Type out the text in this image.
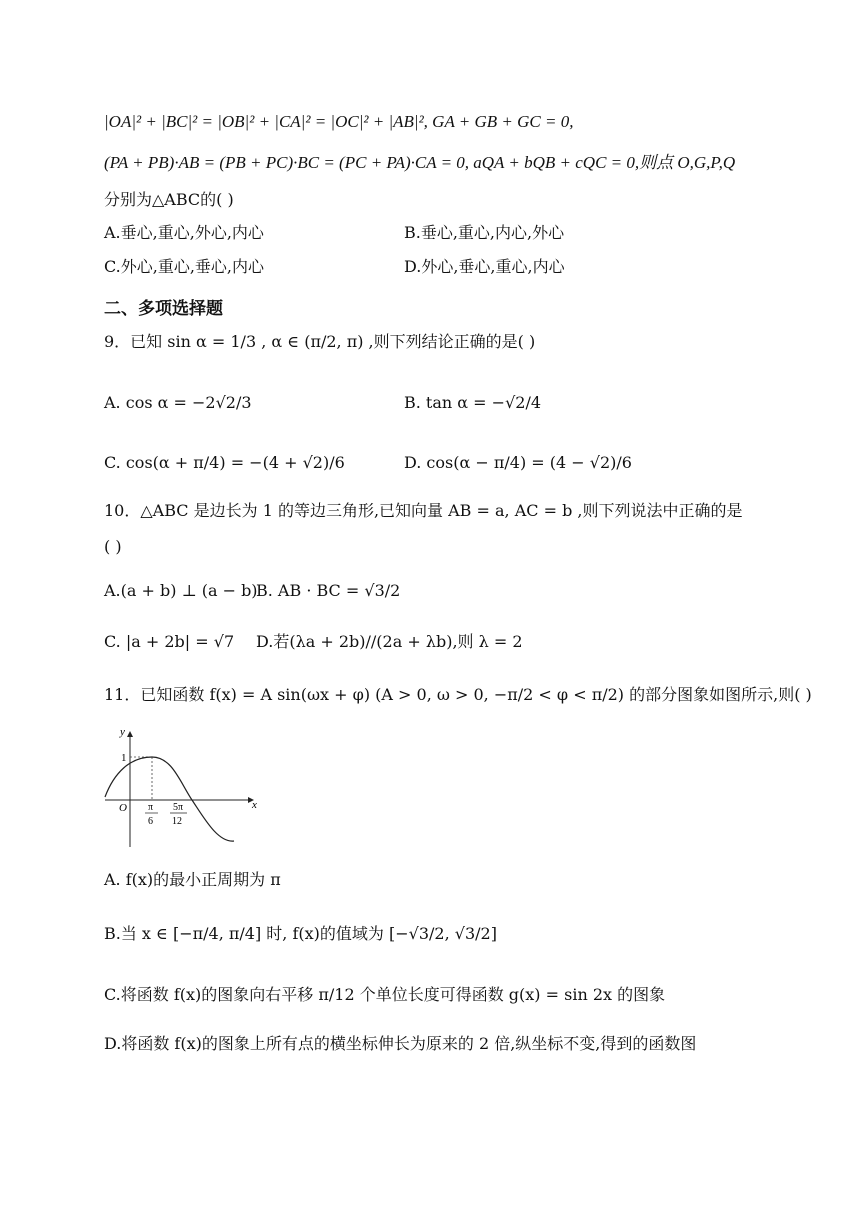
|OA|² + |BC|² = |OB|² + |CA|² = |OC|² + |AB|², GA + GB + GC = 0,
(PA + PB)·AB = (PB + PC)·BC = (PC + PA)·CA = 0, aQA + bQB + cQC = 0,则点 O,G,P,Q
分别为△ABC的( )
A.垂心,重心,外心,内心	B.垂心,重心,内心,外心
C.外心,重心,垂心,内心	D.外心,垂心,重心,内心
二、多项选择题
9．已知 sin α = 1/3 , α ∈ (π/2, π) ,则下列结论正确的是( )
A. cos α = −2√2/3	B. tan α = −√2/4
C. cos(α + π/4) = −(4 + √2)/6	D. cos(α − π/4) = (4 − √2)/6
10．△ABC 是边长为 1 的等边三角形,已知向量 AB = a, AC = b ,则下列说法中正确的是
( )
A.(a + b) ⊥ (a − b)
B. AB · BC = √3/2
C. |a + 2b| = √7 D.若(λa + 2b)//(2a + λb),则 λ = 2
11．已知函数 f(x) = A sin(ωx + φ) (A > 0, ω > 0, −π/2 < φ < π/2) 的部分图象如图所示,则( )
y
x
O
1
π
6
5π
12
A. f(x)的最小正周期为 π
B.当 x ∈ [−π/4, π/4] 时, f(x)的值域为 [−√3/2, √3/2]
C.将函数 f(x)的图象向右平移 π/12 个单位长度可得函数 g(x) = sin 2x 的图象
D.将函数 f(x)的图象上所有点的横坐标伸长为原来的 2 倍,纵坐标不变,得到的函数图
